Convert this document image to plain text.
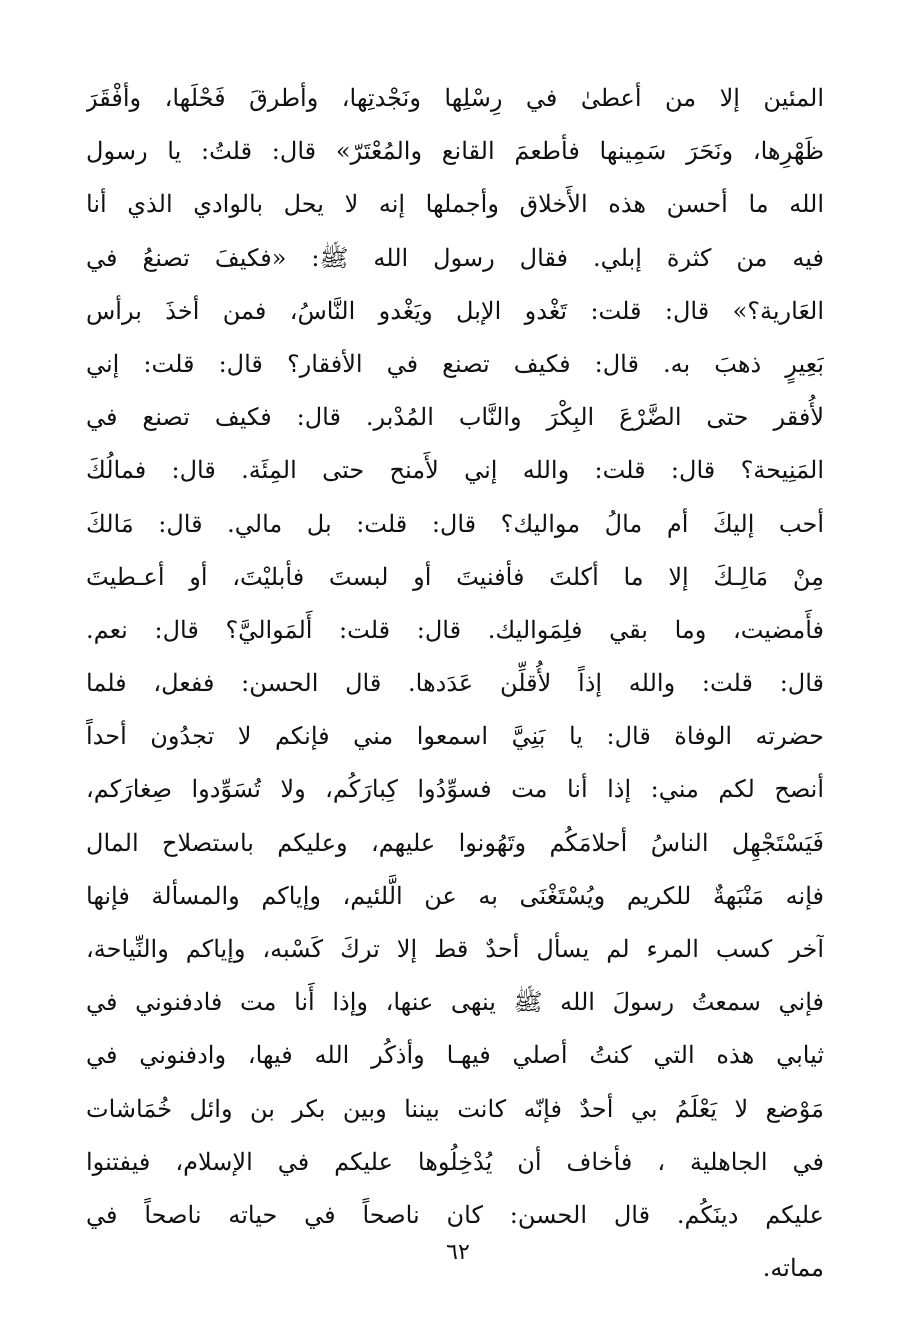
المئين إلا من أعطىٰ في رِسْلِها ونَجْدتِها، وأطرقَ فَحْلَها، وأفْقَرَ
ظَهْرِها، ونَحَرَ سَمِينها فأطعمَ القانع والمُعْتَرّ» قال: قلتُ: يا رسول
الله ما أحسن هذه الأَخلاق وأجملها إنه لا يحل بالوادي الذي أنا
فيه من كثرة إبلي. فقال رسول الله ﷺ: «فكيفَ تصنعُ في
العَارية؟» قال: قلت: تَغْدو الإبل ويَغْدو النَّاسُ، فمن أخذَ برأس
بَعِيرٍ ذهبَ به. قال: فكيف تصنع في الأفقار؟ قال: قلت: إني
لأُفقر حتى الضَّرْعَ البِكْرَ والنَّاب المُدْبر. قال: فكيف تصنع في
المَنِيحة؟ قال: قلت: والله إني لأَمنح حتى المِئَة. قال: فمالُكَ
أحب إليكَ أم مالُ مواليك؟ قال: قلت: بل مالي. قال: مَالكَ
مِنْ مَالِـكَ إلا ما أكلتَ فأفنيتَ أو لبستَ فأبليْتَ، أو أعـطيتَ
فأَمضيت، وما بقي فلِمَواليك. قال: قلت: أَلمَواليَّ؟ قال: نعم.
قال: قلت: والله إذاً لأُقلِّن عَدَدها. قال الحسن: ففعل، فلما
حضرته الوفاة قال: يا بَنِيَّ اسمعوا مني فإنكم لا تجدُون أحداً
أنصح لكم مني: إذا أنا مت فسوِّدُوا كِبارَكُم، ولا تُسَوِّدوا صِغارَكم،
فَيَسْتَجْهِل الناسُ أحلامَكُم وتَهُونوا عليهم، وعليكم باستصلاح المال
فإنه مَنْبَهةٌ للكريم ويُسْتَغْنَى به عن الَّلئيم، وإياكم والمسألة فإنها
آخر كسب المرء لم يسأل أحدٌ قط إلا تركَ كَسْبه، وإياكم والنِّياحة،
فإني سمعتُ رسولَ الله ﷺ ينهى عنها، وإذا أَنا مت فادفنوني في
ثيابي هذه التي كنتُ أصلي فيهـا وأذكُر الله فيها، وادفنوني في
مَوْضع لا يَعْلَمُ بي أحدٌ فإنّه كانت بيننا وبين بكر بن وائل خُمَاشات
في الجاهلية ، فأخاف أن يُدْخِلُوها عليكم في الإسلام، فيفتنوا
عليكم دينَكُم. قال الحسن: كان ناصحاً في حياته ناصحاً في
مماته.
٦٢
